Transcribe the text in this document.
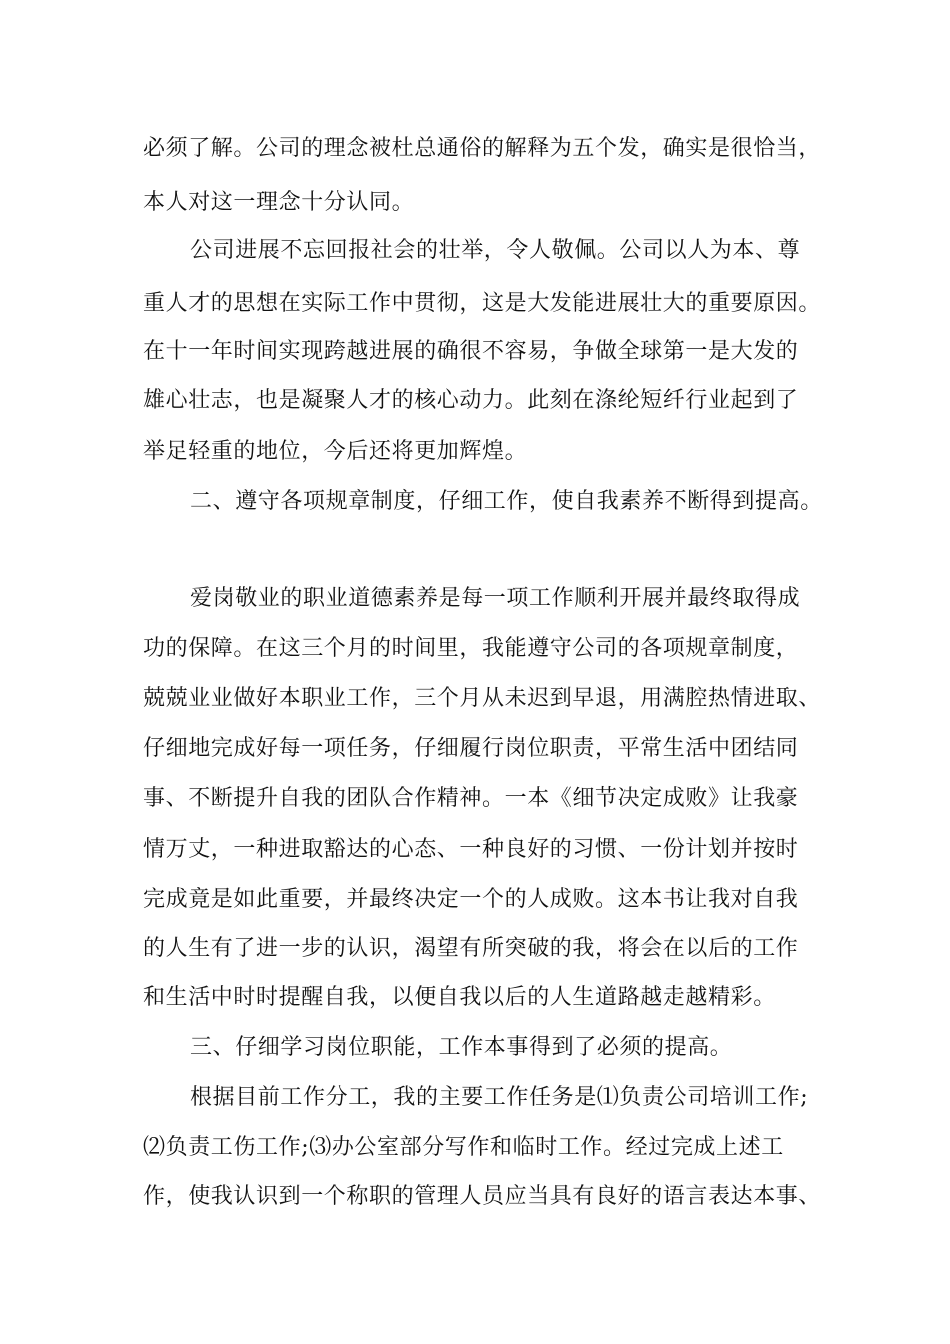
必须了解。公司的理念被杜总通俗的解释为五个发，确实是很恰当，

本人对这一理念十分认同。

公司进展不忘回报社会的壮举，令人敬佩。公司以人为本、尊

重人才的思想在实际工作中贯彻，这是大发能进展壮大的重要原因。

在十一年时间实现跨越进展的确很不容易，争做全球第一是大发的

雄心壮志，也是凝聚人才的核心动力。此刻在涤纶短纤行业起到了

举足轻重的地位，今后还将更加辉煌。

二、遵守各项规章制度，仔细工作，使自我素养不断得到提高。

爱岗敬业的职业道德素养是每一项工作顺利开展并最终取得成

功的保障。在这三个月的时间里，我能遵守公司的各项规章制度，

兢兢业业做好本职业工作，三个月从未迟到早退，用满腔热情进取、

仔细地完成好每一项任务，仔细履行岗位职责，平常生活中团结同

事、不断提升自我的团队合作精神。一本《细节决定成败》让我豪

情万丈，一种进取豁达的心态、一种良好的习惯、一份计划并按时

完成竟是如此重要，并最终决定一个的人成败。这本书让我对自我

的人生有了进一步的认识，渴望有所突破的我，将会在以后的工作

和生活中时时提醒自我，以便自我以后的人生道路越走越精彩。

三、仔细学习岗位职能，工作本事得到了必须的提高。

根据目前工作分工，我的主要工作任务是⑴负责公司培训工作;

⑵负责工伤工作;⑶办公室部分写作和临时工作。经过完成上述工

作，使我认识到一个称职的管理人员应当具有良好的语言表达本事、
